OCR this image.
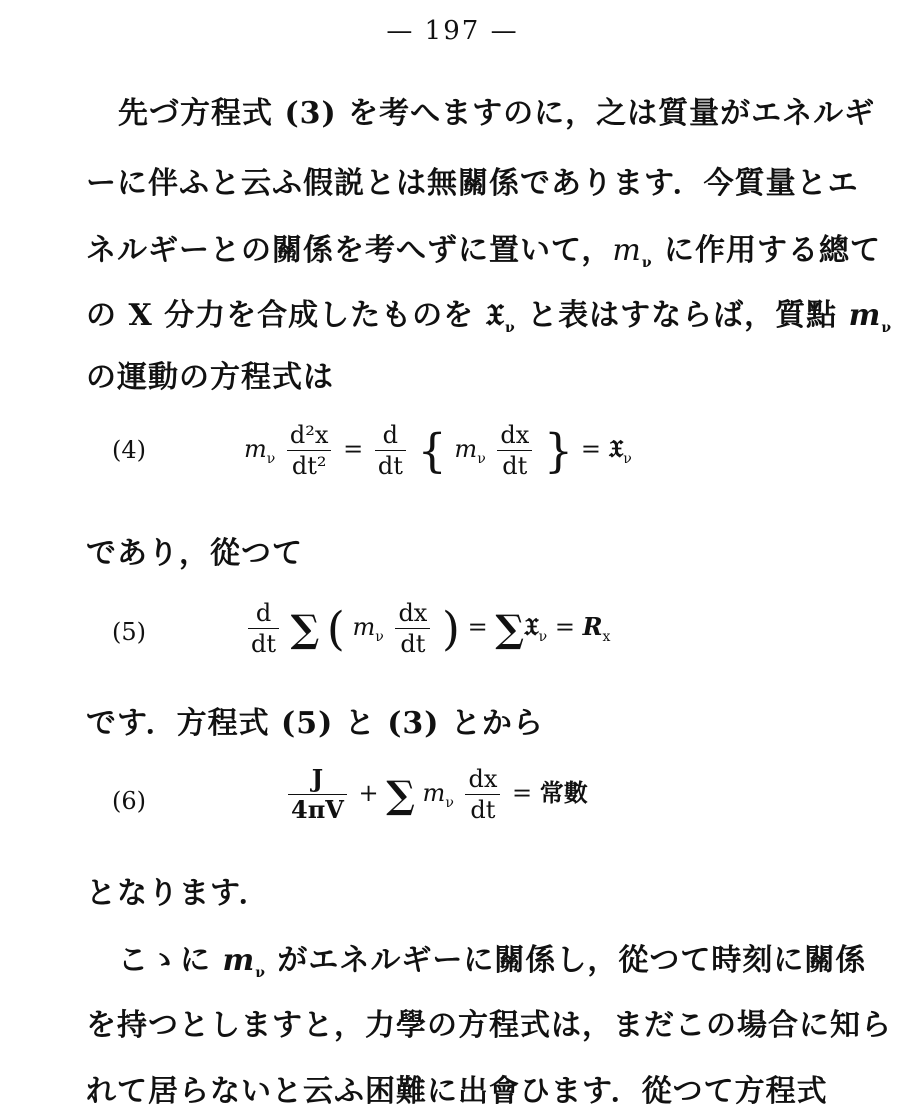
— 197 —
先づ方程式 (3) を考へますのに，之は質量がエネルギ
ーに伴ふと云ふ假説とは無關係であります．今質量とエ
ネルギーとの關係を考へずに置いて，$m_\nu$ に作用する總て
の X 分力を合成したものを 𝔛$_\nu$ と表はすならば，質點 $m_\nu$
の運動の方程式は
(4)	$m_\nu \frac{\text{d²x}}{\text{dt²}} = \frac{d}{dt}$ { $m_\nu \frac{dx}{dt}$ } = 𝔛$_\nu$
であり，從つて
(5)	$\frac{d}{dt}$ ∑ ( $m_\nu \frac{dx}{dt}$ ) = ∑𝔛$_\nu$ = $R_x$
です．方程式 (5) と (3) とから
(6)	$\frac{J}{4\pi V}$ + ∑ $m_\nu \frac{dx}{dt}$ = 常數
となります．
こゝに $m_\nu$ がエネルギーに關係し，從つて時刻に關係
を持つとしますと，力學の方程式は，まだこの場合に知ら
れて居らないと云ふ困難に出會ひます．從つて方程式
